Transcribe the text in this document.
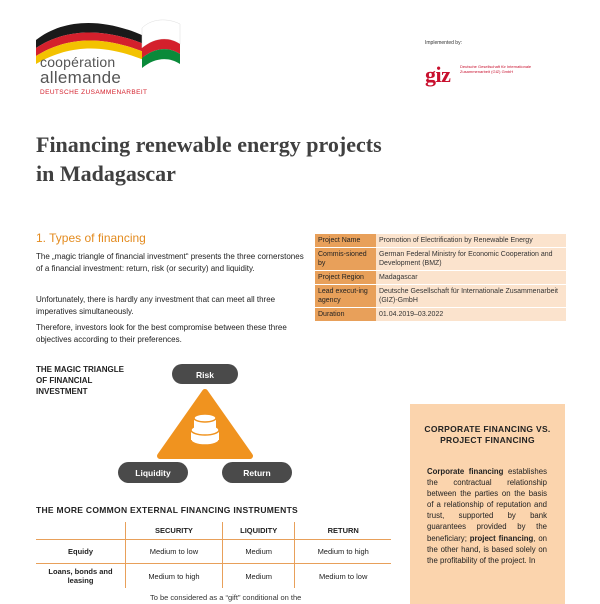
coopération
allemande
DEUTSCHE ZUSAMMENARBEIT
Implemented by:
giz Deutsche Gesellschaft für Internationale Zusammenarbeit (GIZ) GmbH
Financing renewable energy projects
in Madagascar
1. Types of financing
The „magic triangle of financial investment“ presents the three cornerstones of a financial investment: return, risk (or security) and liquidity.
Unfortunately, there is hardly any investment that can meet all three imperatives simultaneously.
Therefore, investors look for the best compromise between these three objectives according to their preferences.
Project Name	Promotion of Electrification by Renewable Energy
Commis-sioned by	German Federal Ministry for Economic Cooperation and Development (BMZ)
Project Region	Madagascar
Lead execut-ing agency	Deutsche Gesellschaft für Internationale Zusammenarbeit (GIZ)-GmbH
Duration	01.04.2019–03.2022
THE MAGIC TRIANGLE OF FINANCIAL INVESTMENT
Risk
Liquidity	Return
THE MORE COMMON EXTERNAL FINANCING INSTRUMENTS
	SECURITY	LIQUIDITY	RETURN
Equidy	Medium to low	Medium	Medium to high
Loans, bonds and leasing	Medium to high	Medium	Medium to low
To be considered as a “gift” conditional on the
CORPORATE FINANCING VS. PROJECT FINANCING
Corporate financing establishes the contractual relationship between the parties on the basis of a relationship of reputation and trust, supported by bank guarantees provided by the beneficiary; project financing, on the other hand, is based solely on the profitability of the project. In
